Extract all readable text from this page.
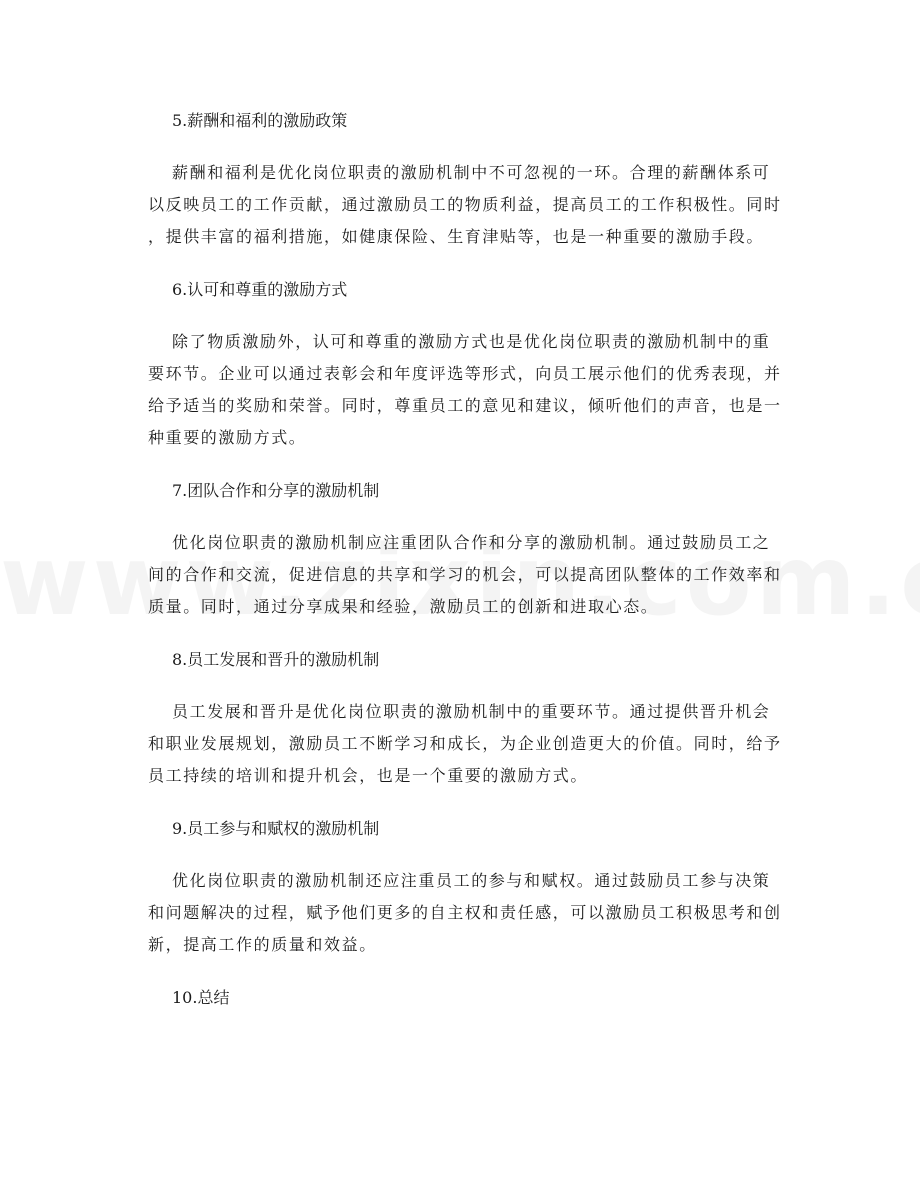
5.薪酬和福利的激励政策

薪酬和福利是优化岗位职责的激励机制中不可忽视的一环。合理的薪酬体系可
以反映员工的工作贡献，通过激励员工的物质利益，提高员工的工作积极性。同时
，提供丰富的福利措施，如健康保险、生育津贴等，也是一种重要的激励手段。

6.认可和尊重的激励方式

除了物质激励外，认可和尊重的激励方式也是优化岗位职责的激励机制中的重
要环节。企业可以通过表彰会和年度评选等形式，向员工展示他们的优秀表现，并
给予适当的奖励和荣誉。同时，尊重员工的意见和建议，倾听他们的声音，也是一
种重要的激励方式。

7.团队合作和分享的激励机制

优化岗位职责的激励机制应注重团队合作和分享的激励机制。通过鼓励员工之
间的合作和交流，促进信息的共享和学习的机会，可以提高团队整体的工作效率和
质量。同时，通过分享成果和经验，激励员工的创新和进取心态。

8.员工发展和晋升的激励机制

员工发展和晋升是优化岗位职责的激励机制中的重要环节。通过提供晋升机会
和职业发展规划，激励员工不断学习和成长，为企业创造更大的价值。同时，给予
员工持续的培训和提升机会，也是一个重要的激励方式。

9.员工参与和赋权的激励机制

优化岗位职责的激励机制还应注重员工的参与和赋权。通过鼓励员工参与决策
和问题解决的过程，赋予他们更多的自主权和责任感，可以激励员工积极思考和创
新，提高工作的质量和效益。

10.总结
